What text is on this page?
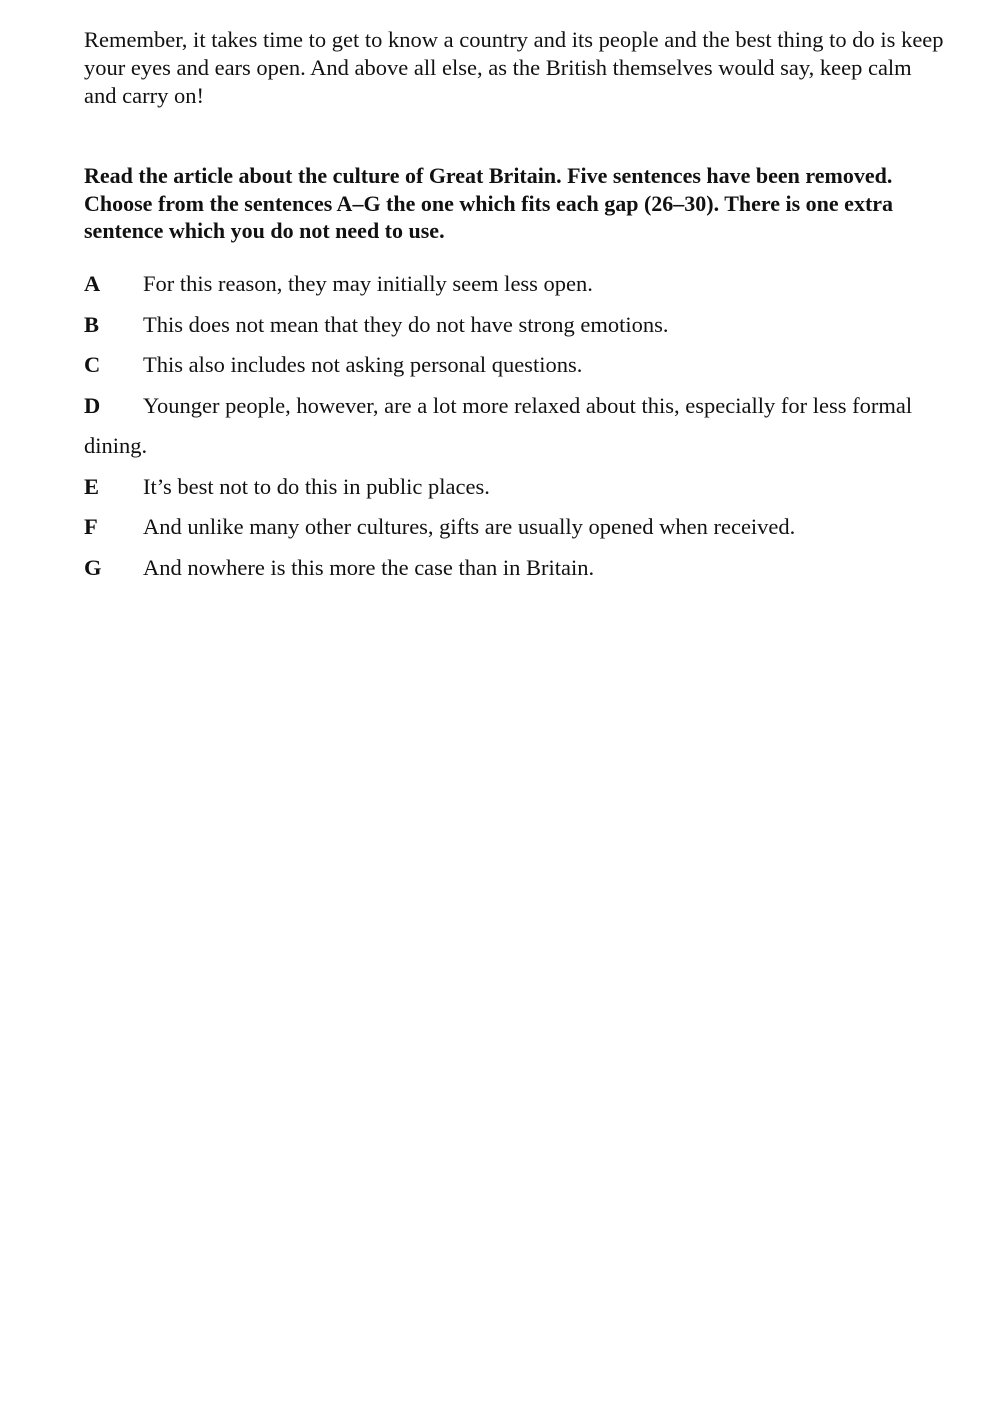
Remember, it takes time to get to know a country and its people and the best thing to do is keep your eyes and ears open. And above all else, as the British themselves would say, keep calm and carry on!

Read the article about the culture of Great Britain. Five sentences have been removed. Choose from the sentences A–G the one which fits each gap (26–30). There is one extra sentence which you do not need to use.

A	For this reason, they may initially seem less open.
B	This does not mean that they do not have strong emotions.
C	This also includes not asking personal questions.
D	Younger people, however, are a lot more relaxed about this, especially for less formal dining.
E	It’s best not to do this in public places.
F	And unlike many other cultures, gifts are usually opened when received.
G	And nowhere is this more the case than in Britain.
